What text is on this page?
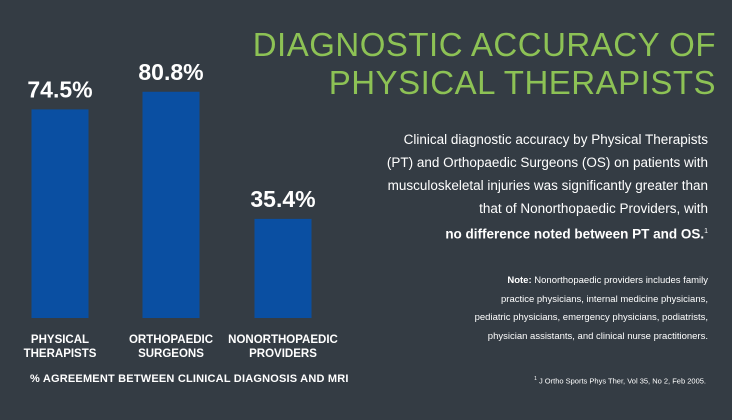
74.5%
PHYSICAL
THERAPISTS
80.8%
ORTHOPAEDIC
SURGEONS
35.4%
NONORTHOPAEDIC
PROVIDERS
DIAGNOSTIC ACCURACY OF
PHYSICAL THERAPISTS
Clinical diagnostic accuracy by Physical Therapists
(PT) and Orthopaedic Surgeons (OS) on patients with
musculoskeletal injuries was significantly greater than
that of Nonorthopaedic Providers, with
no difference noted between PT and OS.$^1$
Note: Nonorthopaedic providers includes family
practice physicians, internal medicine physicians,
pediatric physicians, emergency physicians, podiatrists,
physician assistants, and clinical nurse practitioners.
% AGREEMENT BETWEEN CLINICAL DIAGNOSIS AND MRI	$^1$ J Ortho Sports Phys Ther, Vol 35, No 2, Feb 2005.
